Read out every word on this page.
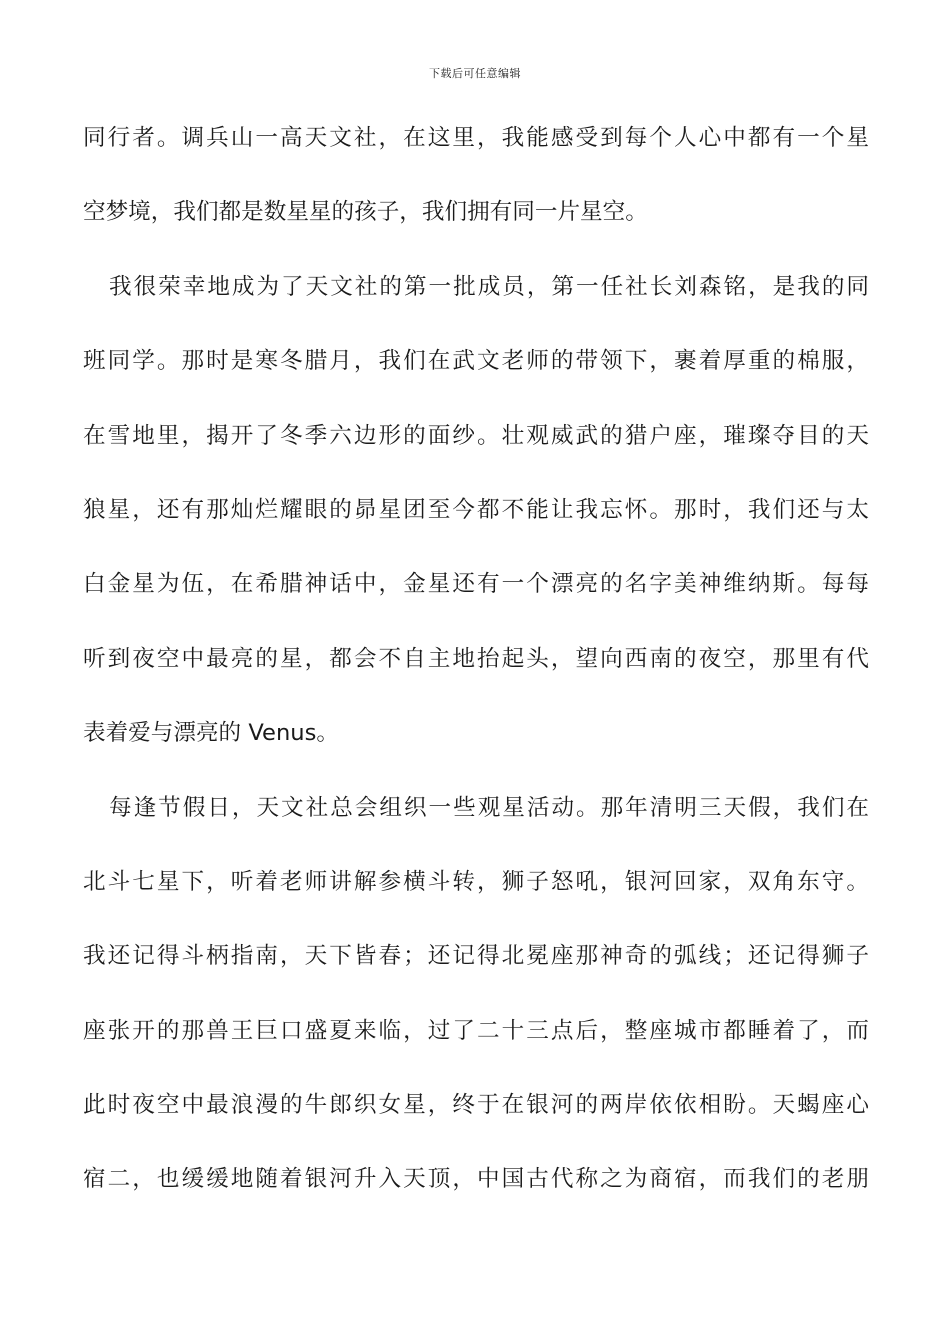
下载后可任意编辑
同行者。调兵山一高天文社，在这里，我能感受到每个人心中都有一个星
空梦境，我们都是数星星的孩子，我们拥有同一片星空。
我很荣幸地成为了天文社的第一批成员，第一任社长刘森铭，是我的同
班同学。那时是寒冬腊月，我们在武文老师的带领下，裹着厚重的棉服，
在雪地里，揭开了冬季六边形的面纱。壮观威武的猎户座，璀璨夺目的天
狼星，还有那灿烂耀眼的昴星团至今都不能让我忘怀。那时，我们还与太
白金星为伍，在希腊神话中，金星还有一个漂亮的名字美神维纳斯。每每
听到夜空中最亮的星，都会不自主地抬起头，望向西南的夜空，那里有代
表着爱与漂亮的 Venus。
每逢节假日，天文社总会组织一些观星活动。那年清明三天假，我们在
北斗七星下，听着老师讲解参横斗转，狮子怒吼，银河回家，双角东守。
我还记得斗柄指南，天下皆春；还记得北冕座那神奇的弧线；还记得狮子
座张开的那兽王巨口盛夏来临，过了二十三点后，整座城市都睡着了，而
此时夜空中最浪漫的牛郎织女星，终于在银河的两岸依依相盼。天蝎座心
宿二，也缓缓地随着银河升入天顶，中国古代称之为商宿，而我们的老朋
